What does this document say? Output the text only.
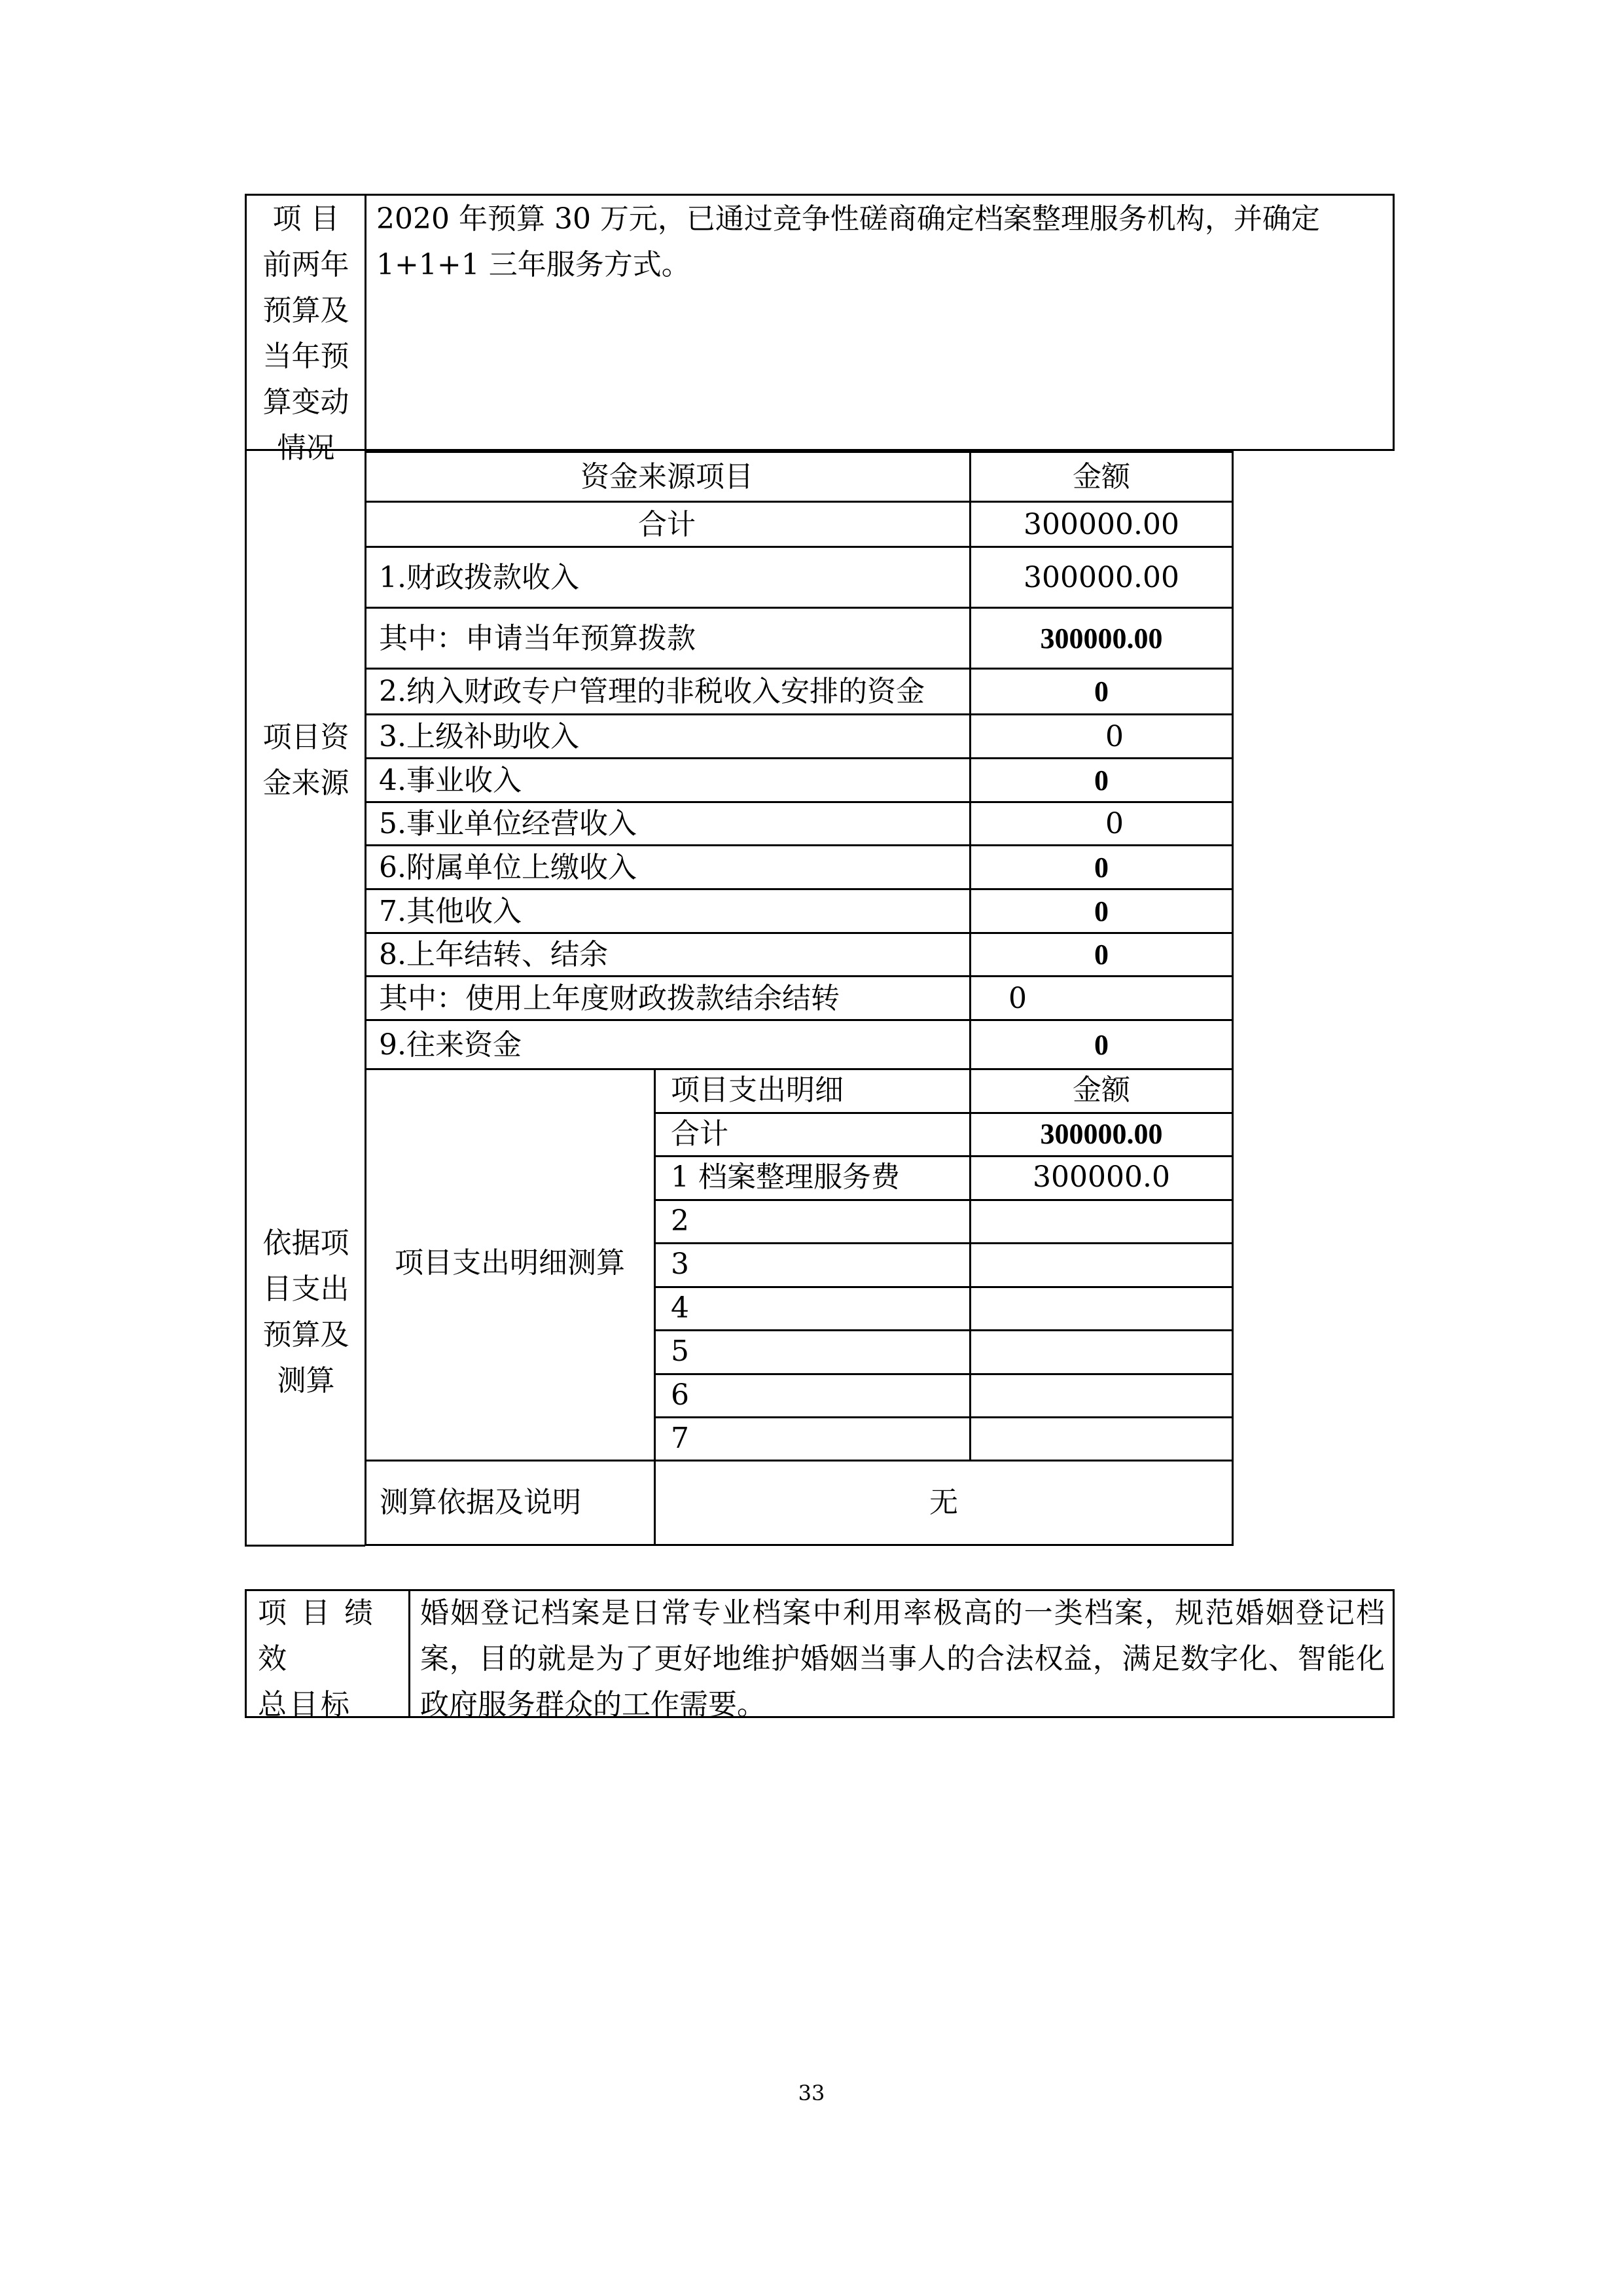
项 目
前两年
预算及
当年预
算变动
情况
2020 年预算 30 万元，已通过竞争性磋商确定档案整理服务机构，并确定 1+1+1 三年服务方式。
项目资
金来源
资金来源项目	金额
合计	300000.00
1.财政拨款收入	300000.00
其中：申请当年预算拨款	300000.00
2.纳入财政专户管理的非税收入安排的资金	0
3.上级补助收入	0
4.事业收入	0
5.事业单位经营收入	0
6.附属单位上缴收入	0
7.其他收入	0
8.上年结转、结余	0
其中：使用上年度财政拨款结余结转	0
9.往来资金	0
依据项
目支出
预算及
测算
项目支出明细测算
项目支出明细	金额
合计	300000.00
1 档案整理服务费	300000.0
2
3
4
5
6
7
测算依据及说明	无
项 目 绩 效
总目标
婚姻登记档案是日常专业档案中利用率极高的一类档案，规范婚姻登记档案，目的就是为了更好地维护婚姻当事人的合法权益，满足数字化、智能化政府服务群众的工作需要。
33
